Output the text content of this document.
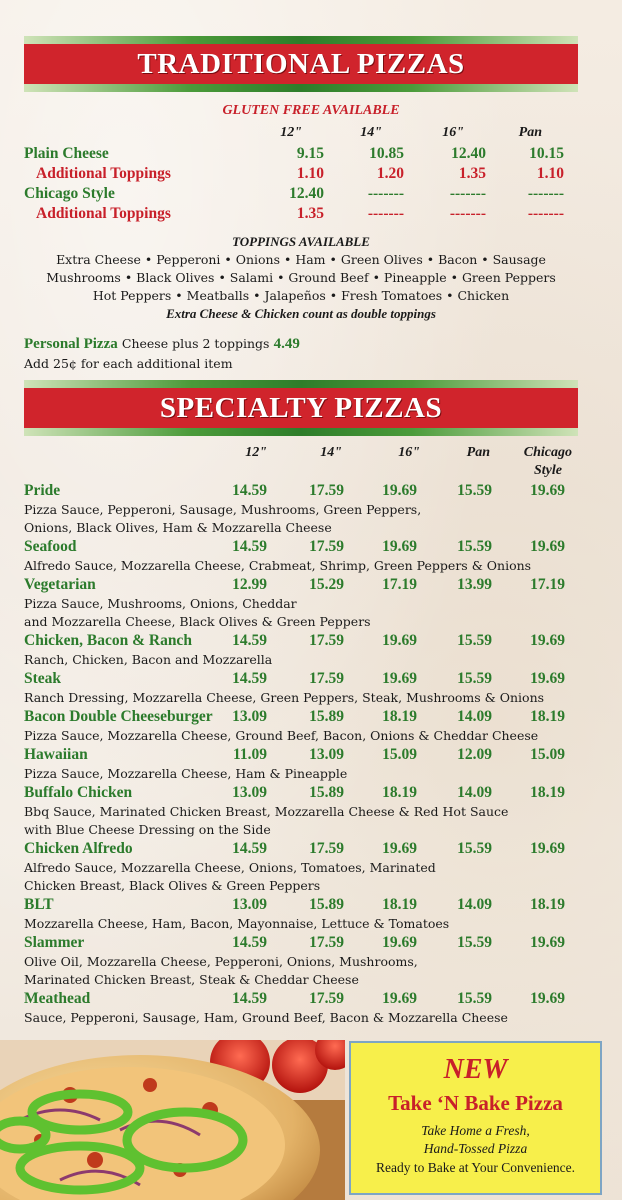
TRADITIONAL PIZZAS
GLUTEN FREE AVAILABLE
12"	14"	16"	Pan
Plain Cheese	9.15	10.85	12.40	10.15
Additional Toppings	1.10	1.20	1.35	1.10
Chicago Style	12.40	-------	-------	-------
Additional Toppings	1.35	-------	-------	-------
TOPPINGS AVAILABLE
Extra Cheese • Pepperoni • Onions • Ham • Green Olives • Bacon • Sausage
Mushrooms • Black Olives • Salami • Ground Beef • Pineapple • Green Peppers
Hot Peppers • Meatballs • Jalapeños • Fresh Tomatoes • Chicken
Extra Cheese & Chicken count as double toppings
Personal Pizza Cheese plus 2 toppings 4.49
Add 25¢ for each additional item
SPECIALTY PIZZAS
12"	14"	16"	Pan	Chicago
Style
Pride	14.59	17.59	19.69	15.59	19.69
Pizza Sauce, Pepperoni, Sausage, Mushrooms, Green Peppers,
Onions, Black Olives, Ham & Mozzarella Cheese
Seafood	14.59	17.59	19.69	15.59	19.69
Alfredo Sauce, Mozzarella Cheese, Crabmeat, Shrimp, Green Peppers & Onions
Vegetarian	12.99	15.29	17.19	13.99	17.19
Pizza Sauce, Mushrooms, Onions, Cheddar
and Mozzarella Cheese, Black Olives & Green Peppers
Chicken, Bacon & Ranch	14.59	17.59	19.69	15.59	19.69
Ranch, Chicken, Bacon and Mozzarella
Steak	14.59	17.59	19.69	15.59	19.69
Ranch Dressing, Mozzarella Cheese, Green Peppers, Steak, Mushrooms & Onions
Bacon Double Cheeseburger	13.09	15.89	18.19	14.09	18.19
Pizza Sauce, Mozzarella Cheese, Ground Beef, Bacon, Onions & Cheddar Cheese
Hawaiian	11.09	13.09	15.09	12.09	15.09
Pizza Sauce, Mozzarella Cheese, Ham & Pineapple
Buffalo Chicken	13.09	15.89	18.19	14.09	18.19
Bbq Sauce, Marinated Chicken Breast, Mozzarella Cheese & Red Hot Sauce
with Blue Cheese Dressing on the Side
Chicken Alfredo	14.59	17.59	19.69	15.59	19.69
Alfredo Sauce, Mozzarella Cheese, Onions, Tomatoes, Marinated
Chicken Breast, Black Olives & Green Peppers
BLT	13.09	15.89	18.19	14.09	18.19
Mozzarella Cheese, Ham, Bacon, Mayonnaise, Lettuce & Tomatoes
Slammer	14.59	17.59	19.69	15.59	19.69
Olive Oil, Mozzarella Cheese, Pepperoni, Onions, Mushrooms,
Marinated Chicken Breast, Steak & Cheddar Cheese
Meathead	14.59	17.59	19.69	15.59	19.69
Sauce, Pepperoni, Sausage, Ham, Ground Beef, Bacon & Mozzarella Cheese
NEW
Take ‘N Bake Pizza
Take Home a Fresh,
Hand-Tossed Pizza
Ready to Bake at Your Convenience.
